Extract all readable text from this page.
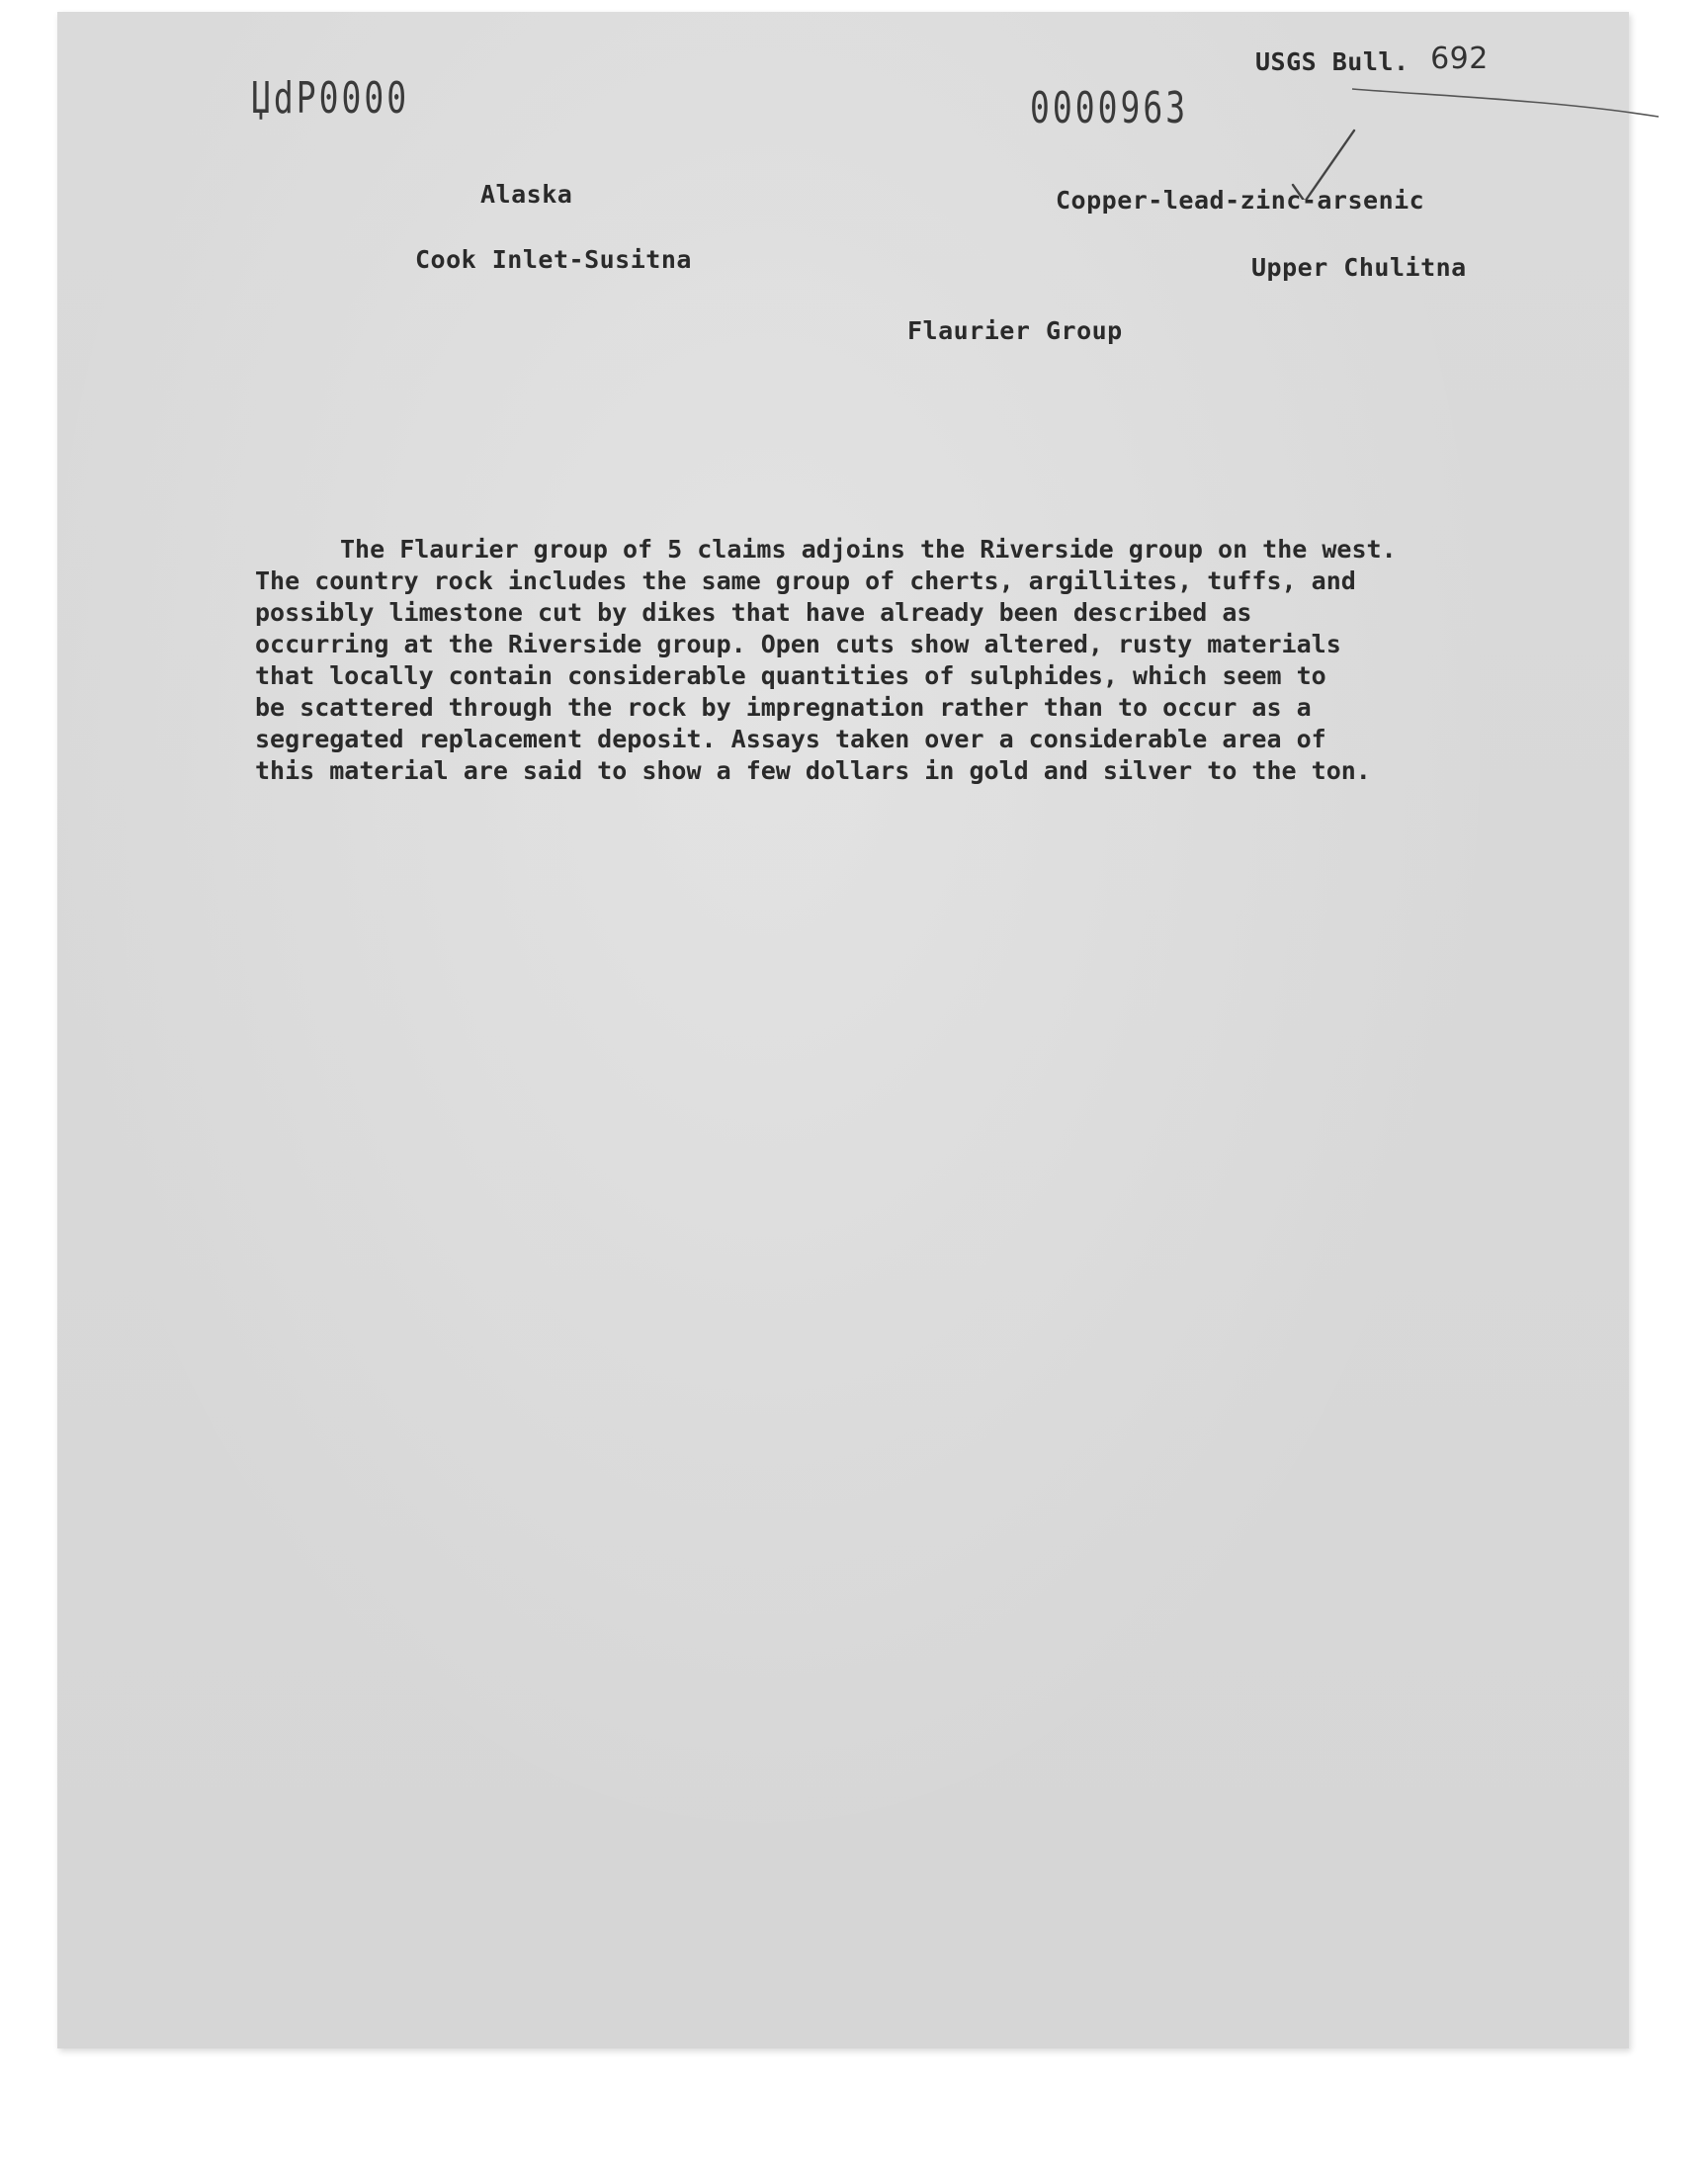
ЏdP0000	0000963
USGS Bull. 692
Alaska
Cook Inlet-Susitna
Copper-lead-zinc-arsenic
Upper Chulitna
Flaurier Group
The Flaurier group of 5 claims adjoins the Riverside group on the west.
The country rock includes the same group of cherts, argillites, tuffs, and
possibly limestone cut by dikes that have already been described as
occurring at the Riverside group. Open cuts show altered, rusty materials
that locally contain considerable quantities of sulphides, which seem to
be scattered through the rock by impregnation rather than to occur as a
segregated replacement deposit. Assays taken over a considerable area of
this material are said to show a few dollars in gold and silver to the ton.
